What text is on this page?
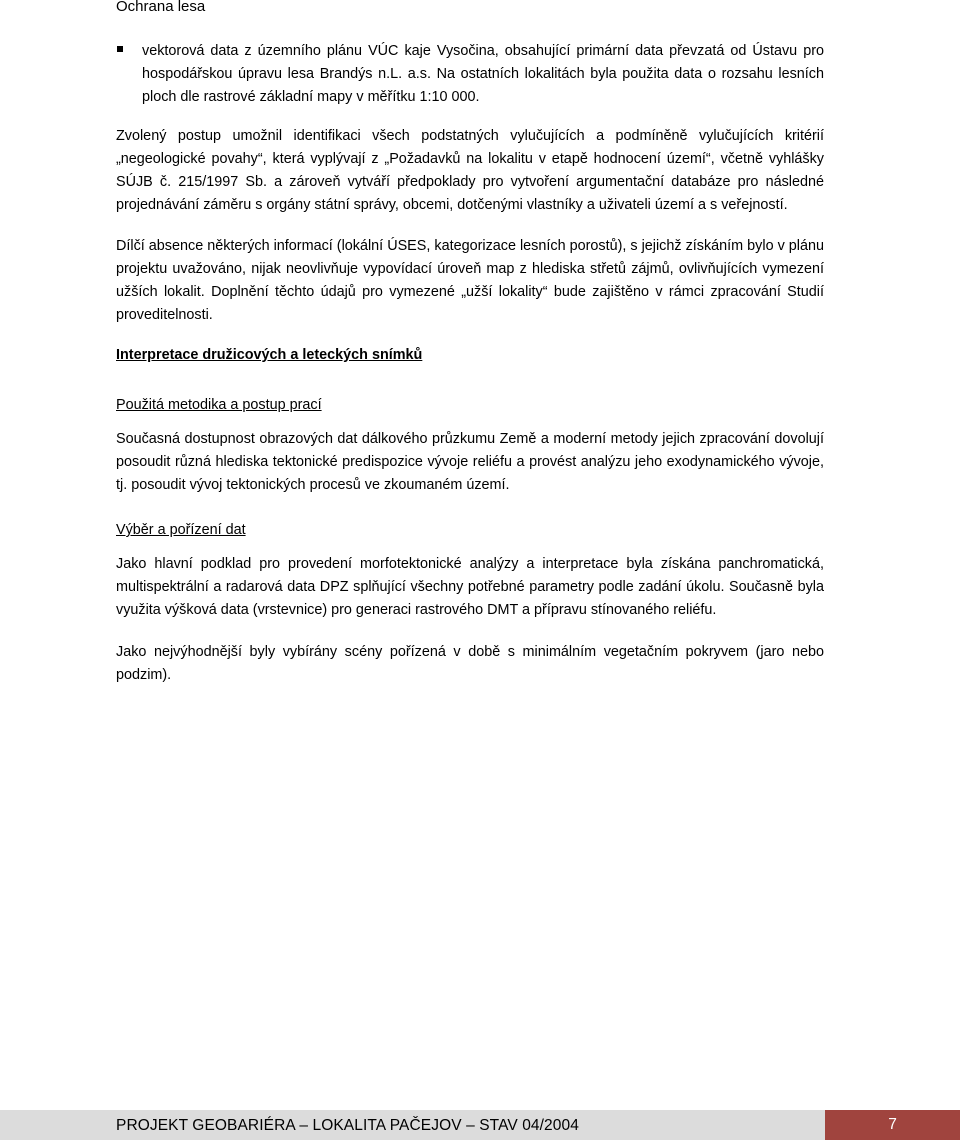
Ochrana lesa
vektorová data z územního plánu VÚC kaje Vysočina, obsahující primární data převzatá od Ústavu pro hospodářskou úpravu lesa Brandýs n.L. a.s. Na ostatních lokalitách byla použita data o rozsahu lesních ploch dle rastrové základní mapy v měřítku 1:10 000.

Zvolený postup umožnil identifikaci všech podstatných vylučujících a podmíněně vylučujících kritérií „negeologické povahy“, která vyplývají z „Požadavků na lokalitu v etapě hodnocení území“, včetně vyhlášky SÚJB č. 215/1997 Sb. a zároveň vytváří předpoklady pro vytvoření argumentační databáze pro následné projednávání záměru s orgány státní správy, obcemi, dotčenými vlastníky a uživateli území a s veřejností.

Dílčí absence některých informací (lokální ÚSES, kategorizace lesních porostů), s jejichž získáním bylo v plánu projektu uvažováno, nijak neovlivňuje vypovídací úroveň map z hlediska střetů zájmů, ovlivňujících vymezení užších lokalit. Doplnění těchto údajů pro vymezené „užší lokality“ bude zajištěno v rámci zpracování Studií proveditelnosti.

Interpretace družicových a leteckých snímků
Použitá metodika a postup prací

Současná dostupnost obrazových dat dálkového průzkumu Země a moderní metody jejich zpracování dovolují posoudit různá hlediska tektonické predispozice vývoje reliéfu a provést analýzu jeho exodynamického vývoje, tj. posoudit vývoj tektonických procesů ve zkoumaném území.

Výběr a pořízení dat

Jako hlavní podklad pro provedení morfotektonické analýzy a interpretace byla získána panchromatická, multispektrální a radarová data DPZ splňující všechny potřebné parametry podle zadání úkolu. Současně byla využita výšková data (vrstevnice) pro generaci rastrového DMT a přípravu stínovaného reliéfu.

Jako nejvýhodnější byly vybírány scény pořízená v době s minimálním vegetačním pokryvem (jaro nebo podzim).

PROJEKT GEOBARIÉRA – LOKALITA PAČEJOV – STAV 04/2004	7
